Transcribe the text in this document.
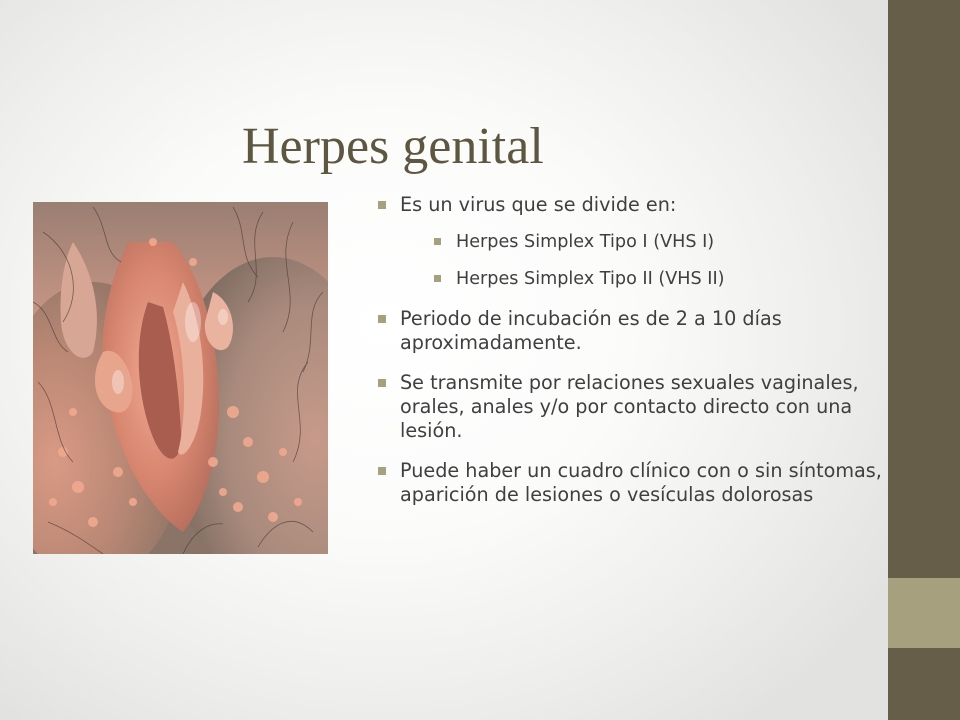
Herpes genital
Es un virus que se divide en:
Herpes Simplex Tipo I (VHS I)
Herpes Simplex Tipo II (VHS II)
Periodo de incubación es de 2 a 10 días aproximadamente.
Se transmite por relaciones sexuales vaginales, orales, anales y/o por contacto directo con una lesión.
Puede haber un cuadro clínico con o sin síntomas, aparición de lesiones o vesículas dolorosas
